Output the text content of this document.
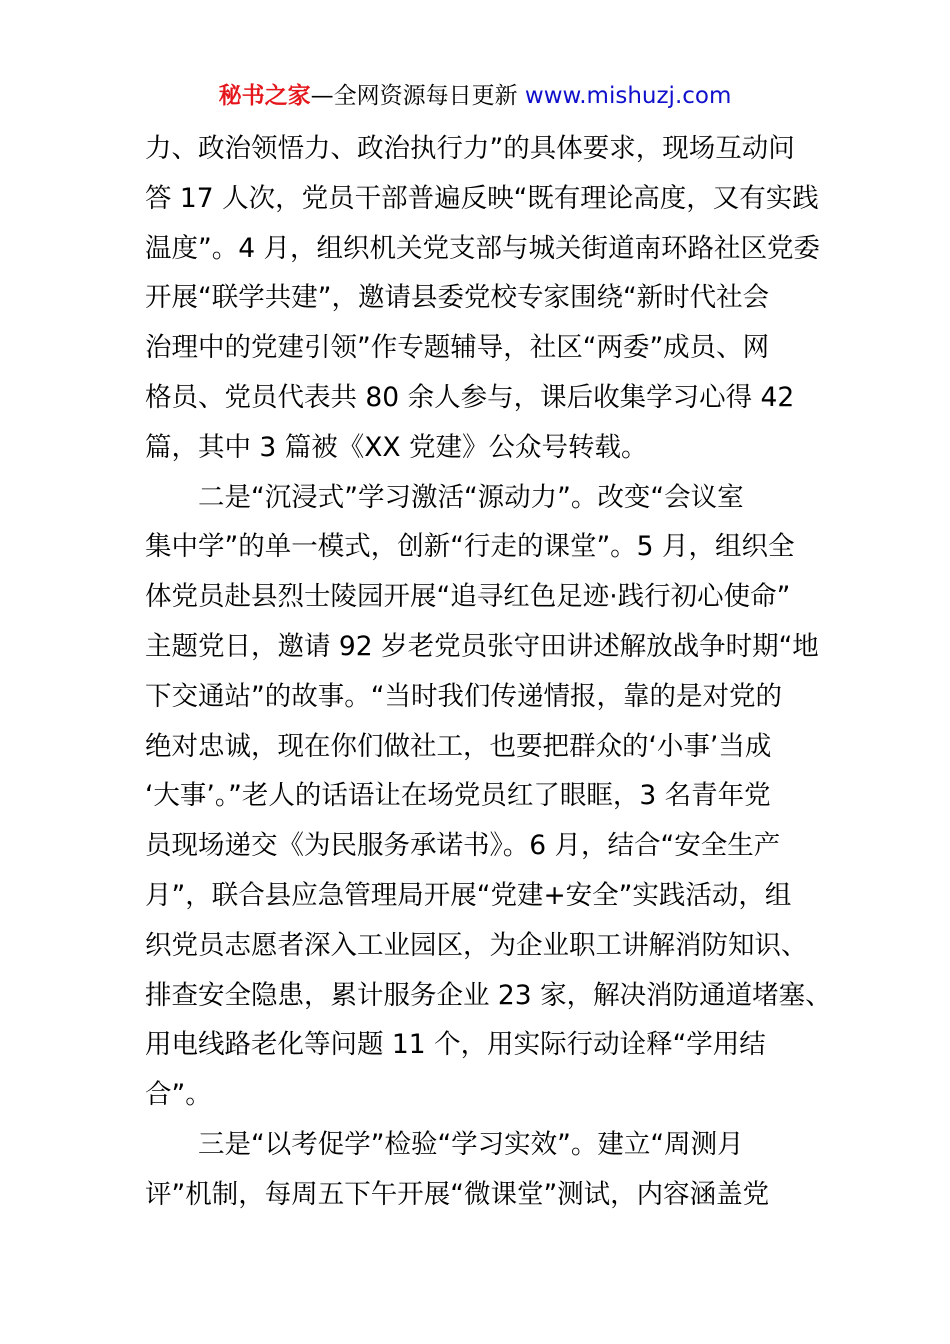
秘书之家—全网资源每日更新 www.mishuzj.com
力、政治领悟力、政治执行力”的具体要求，现场互动问
答 17 人次，党员干部普遍反映“既有理论高度，又有实践
温度”。4 月，组织机关党支部与城关街道南环路社区党委
开展“联学共建”，邀请县委党校专家围绕“新时代社会
治理中的党建引领”作专题辅导，社区“两委”成员、网
格员、党员代表共 80 余人参与，课后收集学习心得 42
篇，其中 3 篇被《XX 党建》公众号转载。
二是“沉浸式”学习激活“源动力”。改变“会议室
集中学”的单一模式，创新“行走的课堂”。5 月，组织全
体党员赴县烈士陵园开展“追寻红色足迹·践行初心使命”
主题党日，邀请 92 岁老党员张守田讲述解放战争时期“地
下交通站”的故事。“当时我们传递情报，靠的是对党的
绝对忠诚，现在你们做社工，也要把群众的‘小事’当成
‘大事’。”老人的话语让在场党员红了眼眶，3 名青年党
员现场递交《为民服务承诺书》。6 月，结合“安全生产
月”，联合县应急管理局开展“党建+安全”实践活动，组
织党员志愿者深入工业园区，为企业职工讲解消防知识、
排查安全隐患，累计服务企业 23 家，解决消防通道堵塞、
用电线路老化等问题 11 个，用实际行动诠释“学用结
合”。
三是“以考促学”检验“学习实效”。建立“周测月
评”机制，每周五下午开展“微课堂”测试，内容涵盖党
